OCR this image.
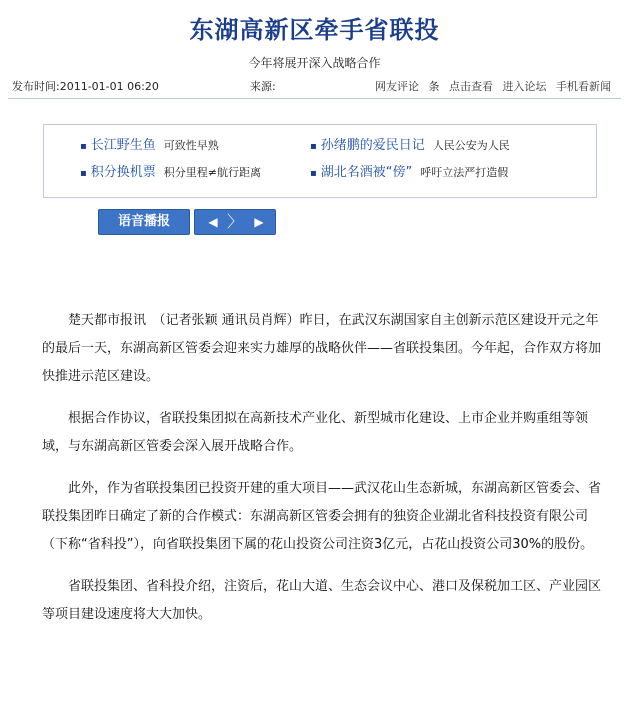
东湖高新区牵手省联投
今年将展开深入战略合作
发布时间:2011-01-01 06:20	来源:	网友评论 条 点击查看 进入论坛 手机看新闻
▪ 长江野生鱼 可致性早熟	▪ 孙绪鹏的爱民日记 人民公安为人民
▪ 积分换机票 积分里程≠航行距离	▪ 湖北名酒被“傍” 呼吁立法严打造假
语音播报	◀ 〉 ▶

楚天都市报讯　（记者张颖 通讯员肖辉）昨日，在武汉东湖国家自主创新示范区建设开元之年的最后一天，东湖高新区管委会迎来实力雄厚的战略伙伴——省联投集团。今年起，合作双方将加快推进示范区建设。

根据合作协议，省联投集团拟在高新技术产业化、新型城市化建设、上市企业并购重组等领域，与东湖高新区管委会深入展开战略合作。

此外，作为省联投集团已投资开建的重大项目——武汉花山生态新城，东湖高新区管委会、省联投集团昨日确定了新的合作模式：东湖高新区管委会拥有的独资企业湖北省科技投资有限公司（下称“省科投”），向省联投集团下属的花山投资公司注资3亿元，占花山投资公司30%的股份。

省联投集团、省科投介绍，注资后，花山大道、生态会议中心、港口及保税加工区、产业园区等项目建设速度将大大加快。
